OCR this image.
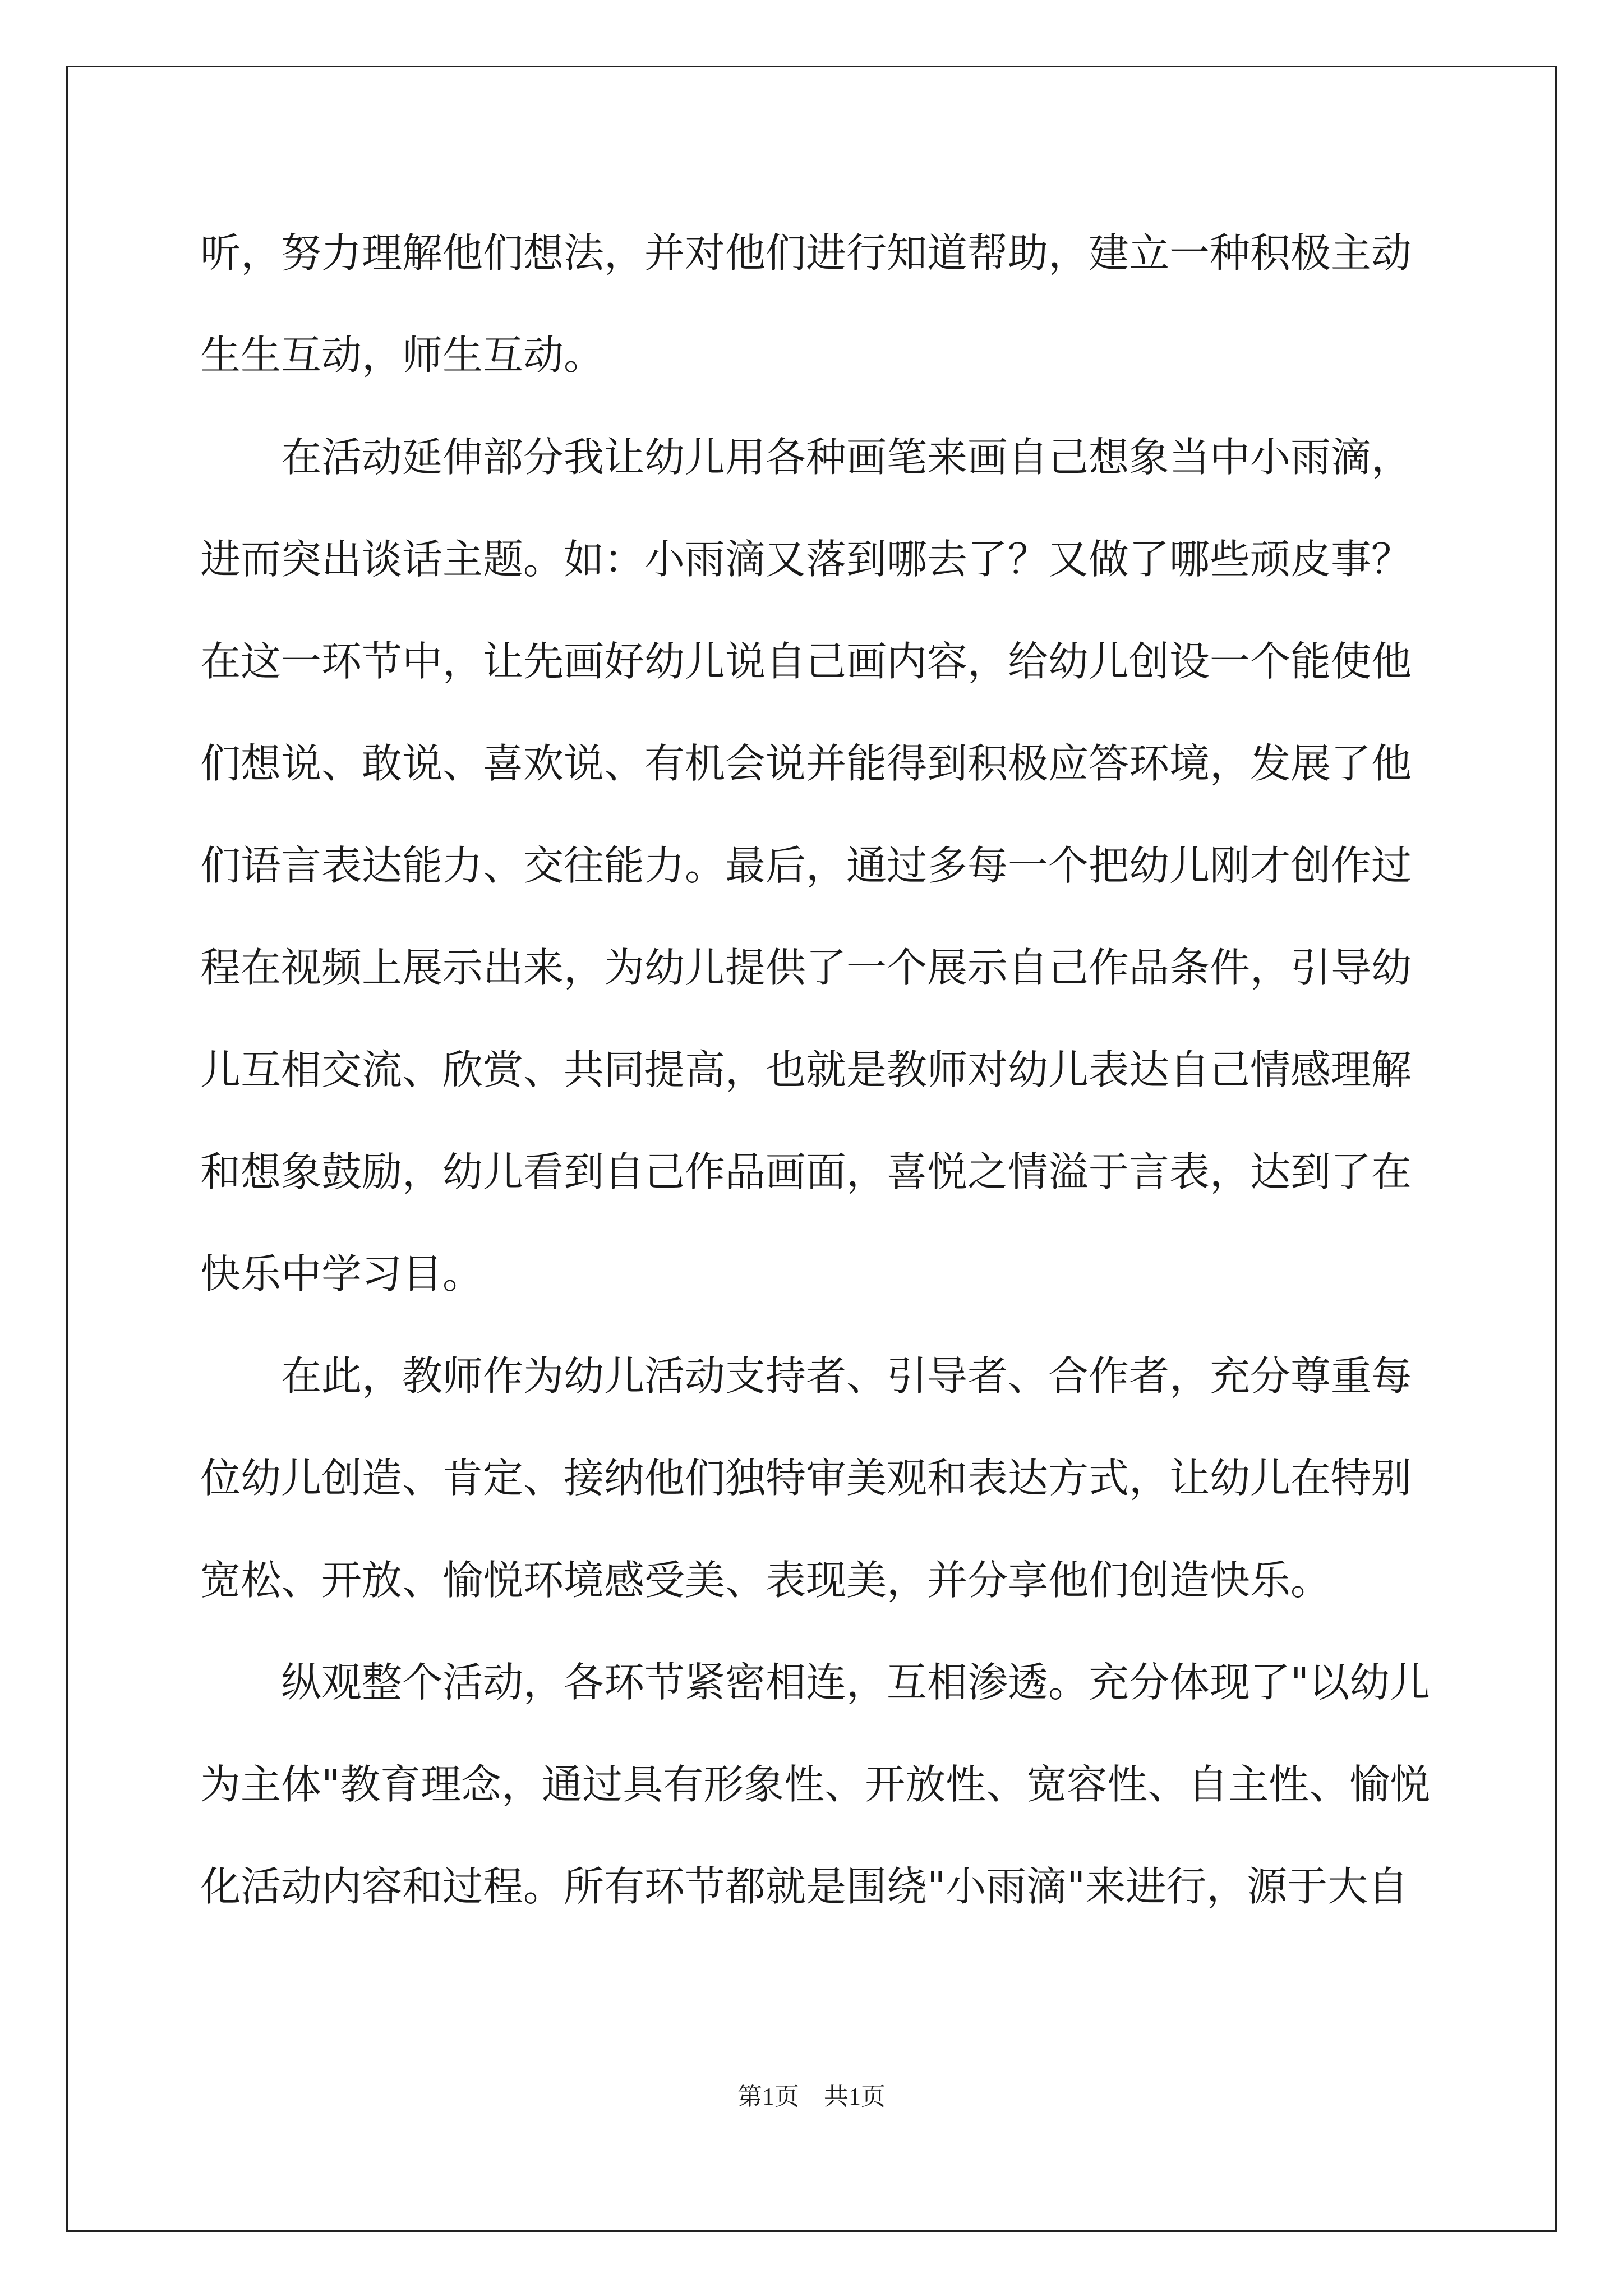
听，努力理解他们想法，并对他们进行知道帮助，建立一种积极主动
生生互动，师生互动。
在活动延伸部分我让幼儿用各种画笔来画自己想象当中小雨滴，
进而突出谈话主题。如：小雨滴又落到哪去了？又做了哪些顽皮事？
在这一环节中，让先画好幼儿说自己画内容，给幼儿创设一个能使他
们想说、敢说、喜欢说、有机会说并能得到积极应答环境，发展了他
们语言表达能力、交往能力。最后，通过多每一个把幼儿刚才创作过
程在视频上展示出来，为幼儿提供了一个展示自己作品条件，引导幼
儿互相交流、欣赏、共同提高，也就是教师对幼儿表达自己情感理解
和想象鼓励，幼儿看到自己作品画面，喜悦之情溢于言表，达到了在
快乐中学习目。
在此，教师作为幼儿活动支持者、引导者、合作者，充分尊重每
位幼儿创造、肯定、接纳他们独特审美观和表达方式，让幼儿在特别
宽松、开放、愉悦环境感受美、表现美，并分享他们创造快乐。
纵观整个活动，各环节紧密相连，互相渗透。充分体现了"以幼儿
为主体"教育理念，通过具有形象性、开放性、宽容性、自主性、愉悦
化活动内容和过程。所有环节都就是围绕"小雨滴"来进行，源于大自
第1页　共1页
